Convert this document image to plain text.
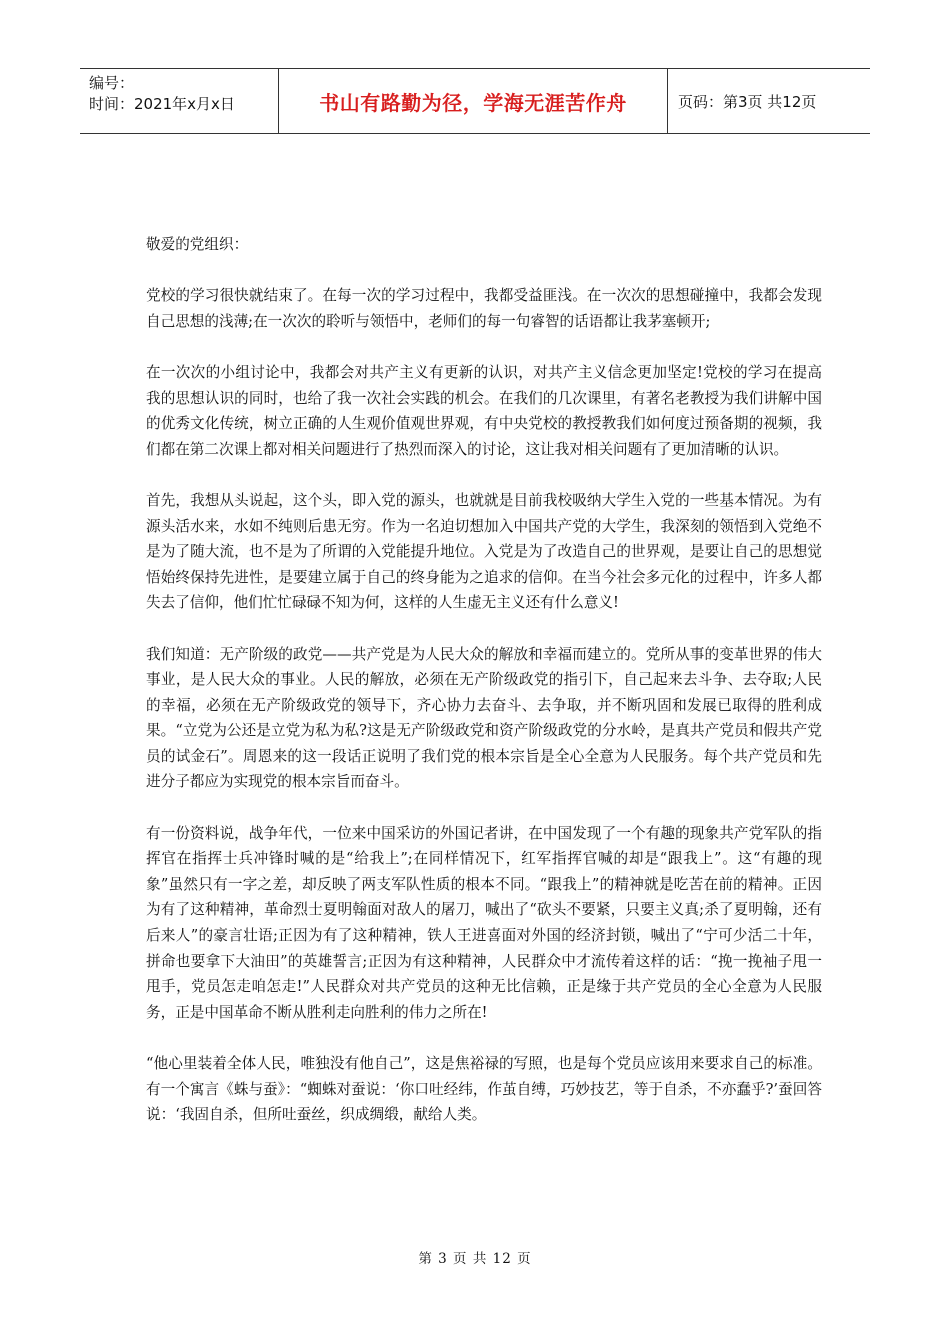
编号：
时间：2021年x月x日	书山有路勤为径，学海无涯苦作舟	页码：第3页 共12页

敬爱的党组织：

党校的学习很快就结束了。在每一次的学习过程中，我都受益匪浅。在一次次的思想碰撞中，我都会发现自己思想的浅薄;在一次次的聆听与领悟中，老师们的每一句睿智的话语都让我茅塞顿开;

在一次次的小组讨论中，我都会对共产主义有更新的认识，对共产主义信念更加坚定!党校的学习在提高我的思想认识的同时，也给了我一次社会实践的机会。在我们的几次课里，有著名老教授为我们讲解中国的优秀文化传统，树立正确的人生观价值观世界观，有中央党校的教授教我们如何度过预备期的视频，我们都在第二次课上都对相关问题进行了热烈而深入的讨论，这让我对相关问题有了更加清晰的认识。

首先，我想从头说起，这个头，即入党的源头，也就就是目前我校吸纳大学生入党的一些基本情况。为有源头活水来，水如不纯则后患无穷。作为一名迫切想加入中国共产党的大学生，我深刻的领悟到入党绝不是为了随大流，也不是为了所谓的入党能提升地位。入党是为了改造自己的世界观，是要让自己的思想觉悟始终保持先进性，是要建立属于自己的终身能为之追求的信仰。在当今社会多元化的过程中，许多人都失去了信仰，他们忙忙碌碌不知为何，这样的人生虚无主义还有什么意义!

我们知道：无产阶级的政党——共产党是为人民大众的解放和幸福而建立的。党所从事的变革世界的伟大事业，是人民大众的事业。人民的解放，必须在无产阶级政党的指引下，自己起来去斗争、去夺取;人民的幸福，必须在无产阶级政党的领导下，齐心协力去奋斗、去争取，并不断巩固和发展已取得的胜利成果。“立党为公还是立党为私为私?这是无产阶级政党和资产阶级政党的分水岭，是真共产党员和假共产党员的试金石”。周恩来的这一段话正说明了我们党的根本宗旨是全心全意为人民服务。每个共产党员和先进分子都应为实现党的根本宗旨而奋斗。

有一份资料说，战争年代，一位来中国采访的外国记者讲，在中国发现了一个有趣的现象共产党军队的指挥官在指挥士兵冲锋时喊的是“给我上”;在同样情况下，红军指挥官喊的却是“跟我上”。这“有趣的现象”虽然只有一字之差，却反映了两支军队性质的根本不同。“跟我上”的精神就是吃苦在前的精神。正因为有了这种精神，革命烈士夏明翰面对敌人的屠刀，喊出了“砍头不要紧，只要主义真;杀了夏明翰，还有后来人”的豪言壮语;正因为有了这种精神，铁人王进喜面对外国的经济封锁，喊出了“宁可少活二十年，拼命也要拿下大油田”的英雄誓言;正因为有这种精神，人民群众中才流传着这样的话：“挽一挽袖子甩一甩手，党员怎走咱怎走!”人民群众对共产党员的这种无比信赖，正是缘于共产党员的全心全意为人民服务，正是中国革命不断从胜利走向胜利的伟力之所在!

“他心里装着全体人民，唯独没有他自己”，这是焦裕禄的写照，也是每个党员应该用来要求自己的标准。有一个寓言《蛛与蚕》：“蜘蛛对蚕说：‘你口吐经纬，作茧自缚，巧妙技艺，等于自杀，不亦蠢乎?’蚕回答说：‘我固自杀，但所吐蚕丝，织成绸缎，献给人类。

第 3 页 共 12 页
